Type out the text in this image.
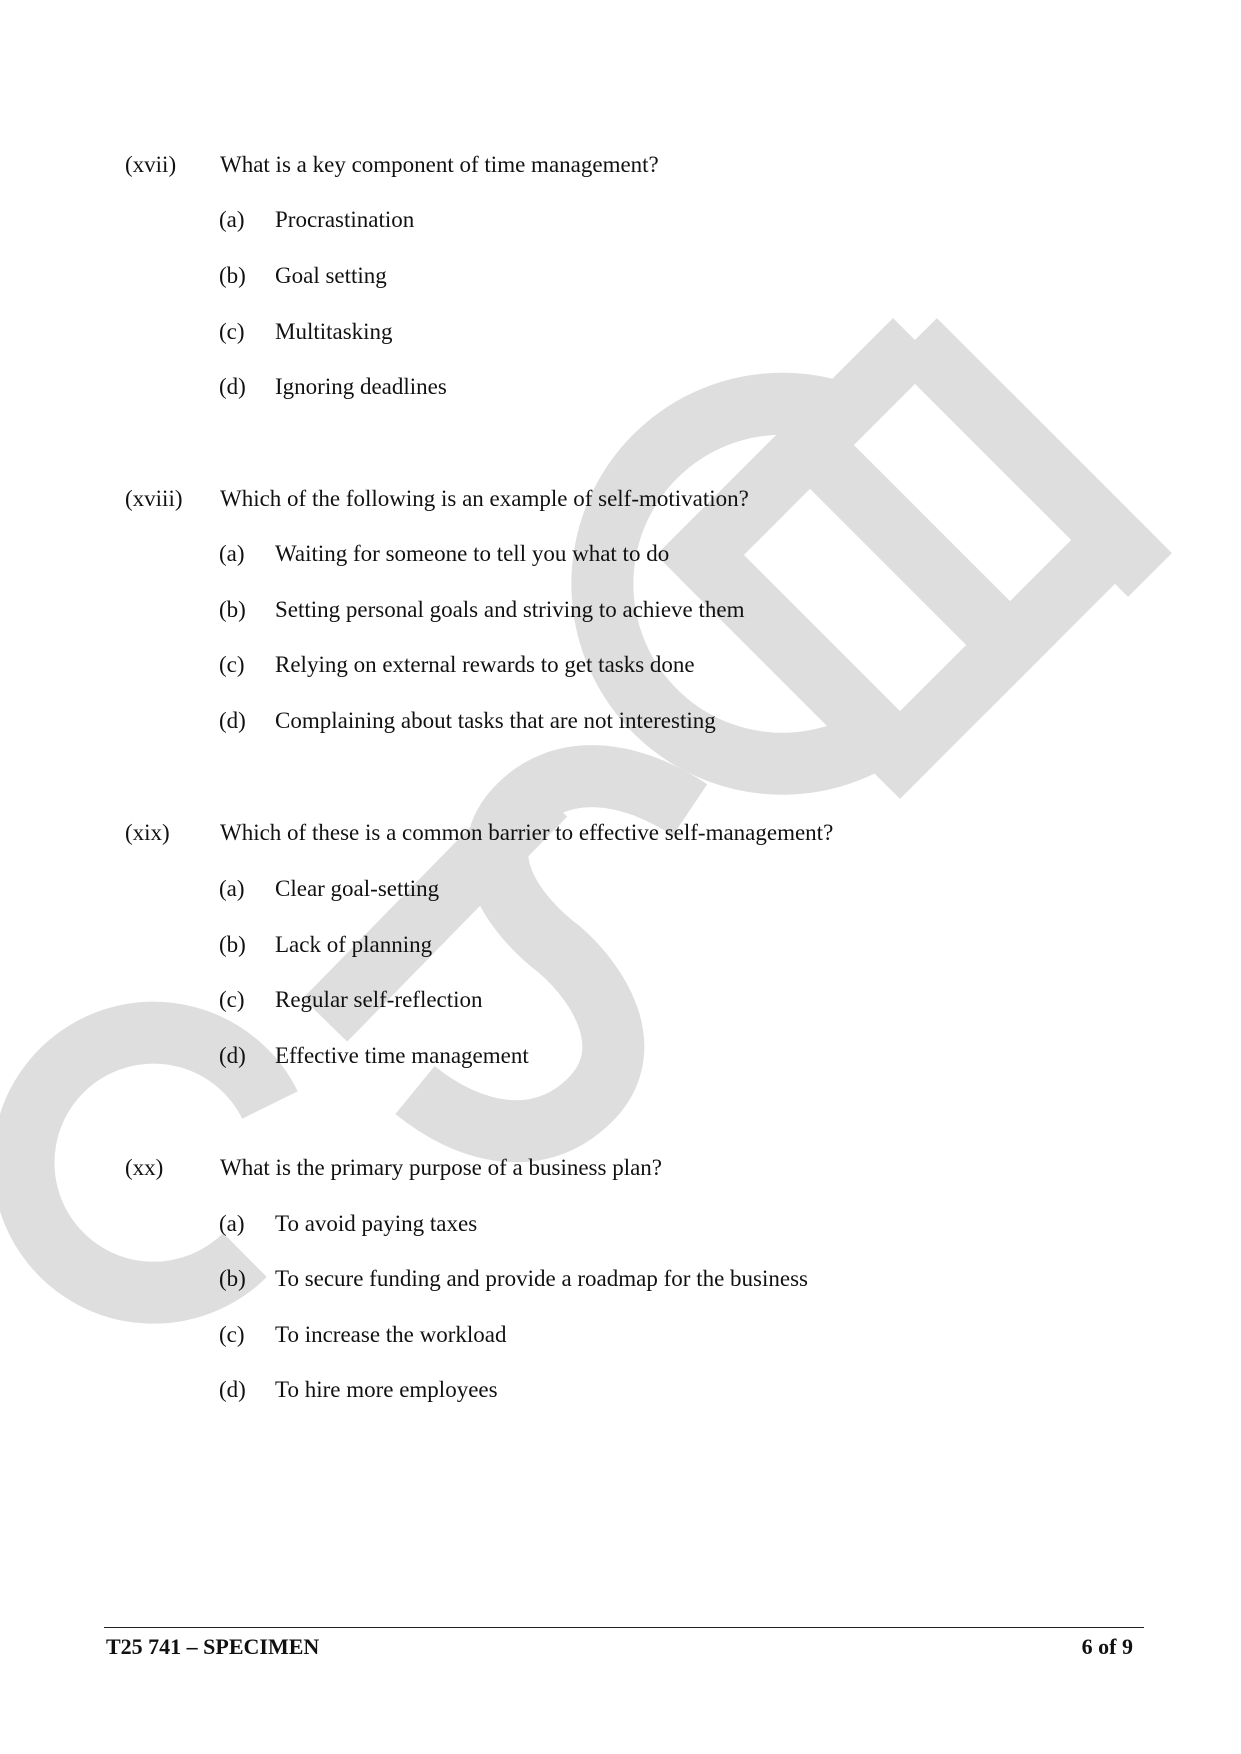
(xvii) What is a key component of time management?
(a) Procrastination
(b) Goal setting
(c) Multitasking
(d) Ignoring deadlines
(xviii) Which of the following is an example of self-motivation?
(a) Waiting for someone to tell you what to do
(b) Setting personal goals and striving to achieve them
(c) Relying on external rewards to get tasks done
(d) Complaining about tasks that are not interesting
(xix) Which of these is a common barrier to effective self-management?
(a) Clear goal-setting
(b) Lack of planning
(c) Regular self-reflection
(d) Effective time management
(xx) What is the primary purpose of a business plan?
(a) To avoid paying taxes
(b) To secure funding and provide a roadmap for the business
(c) To increase the workload
(d) To hire more employees
T25 741 – SPECIMEN	6 of 9
